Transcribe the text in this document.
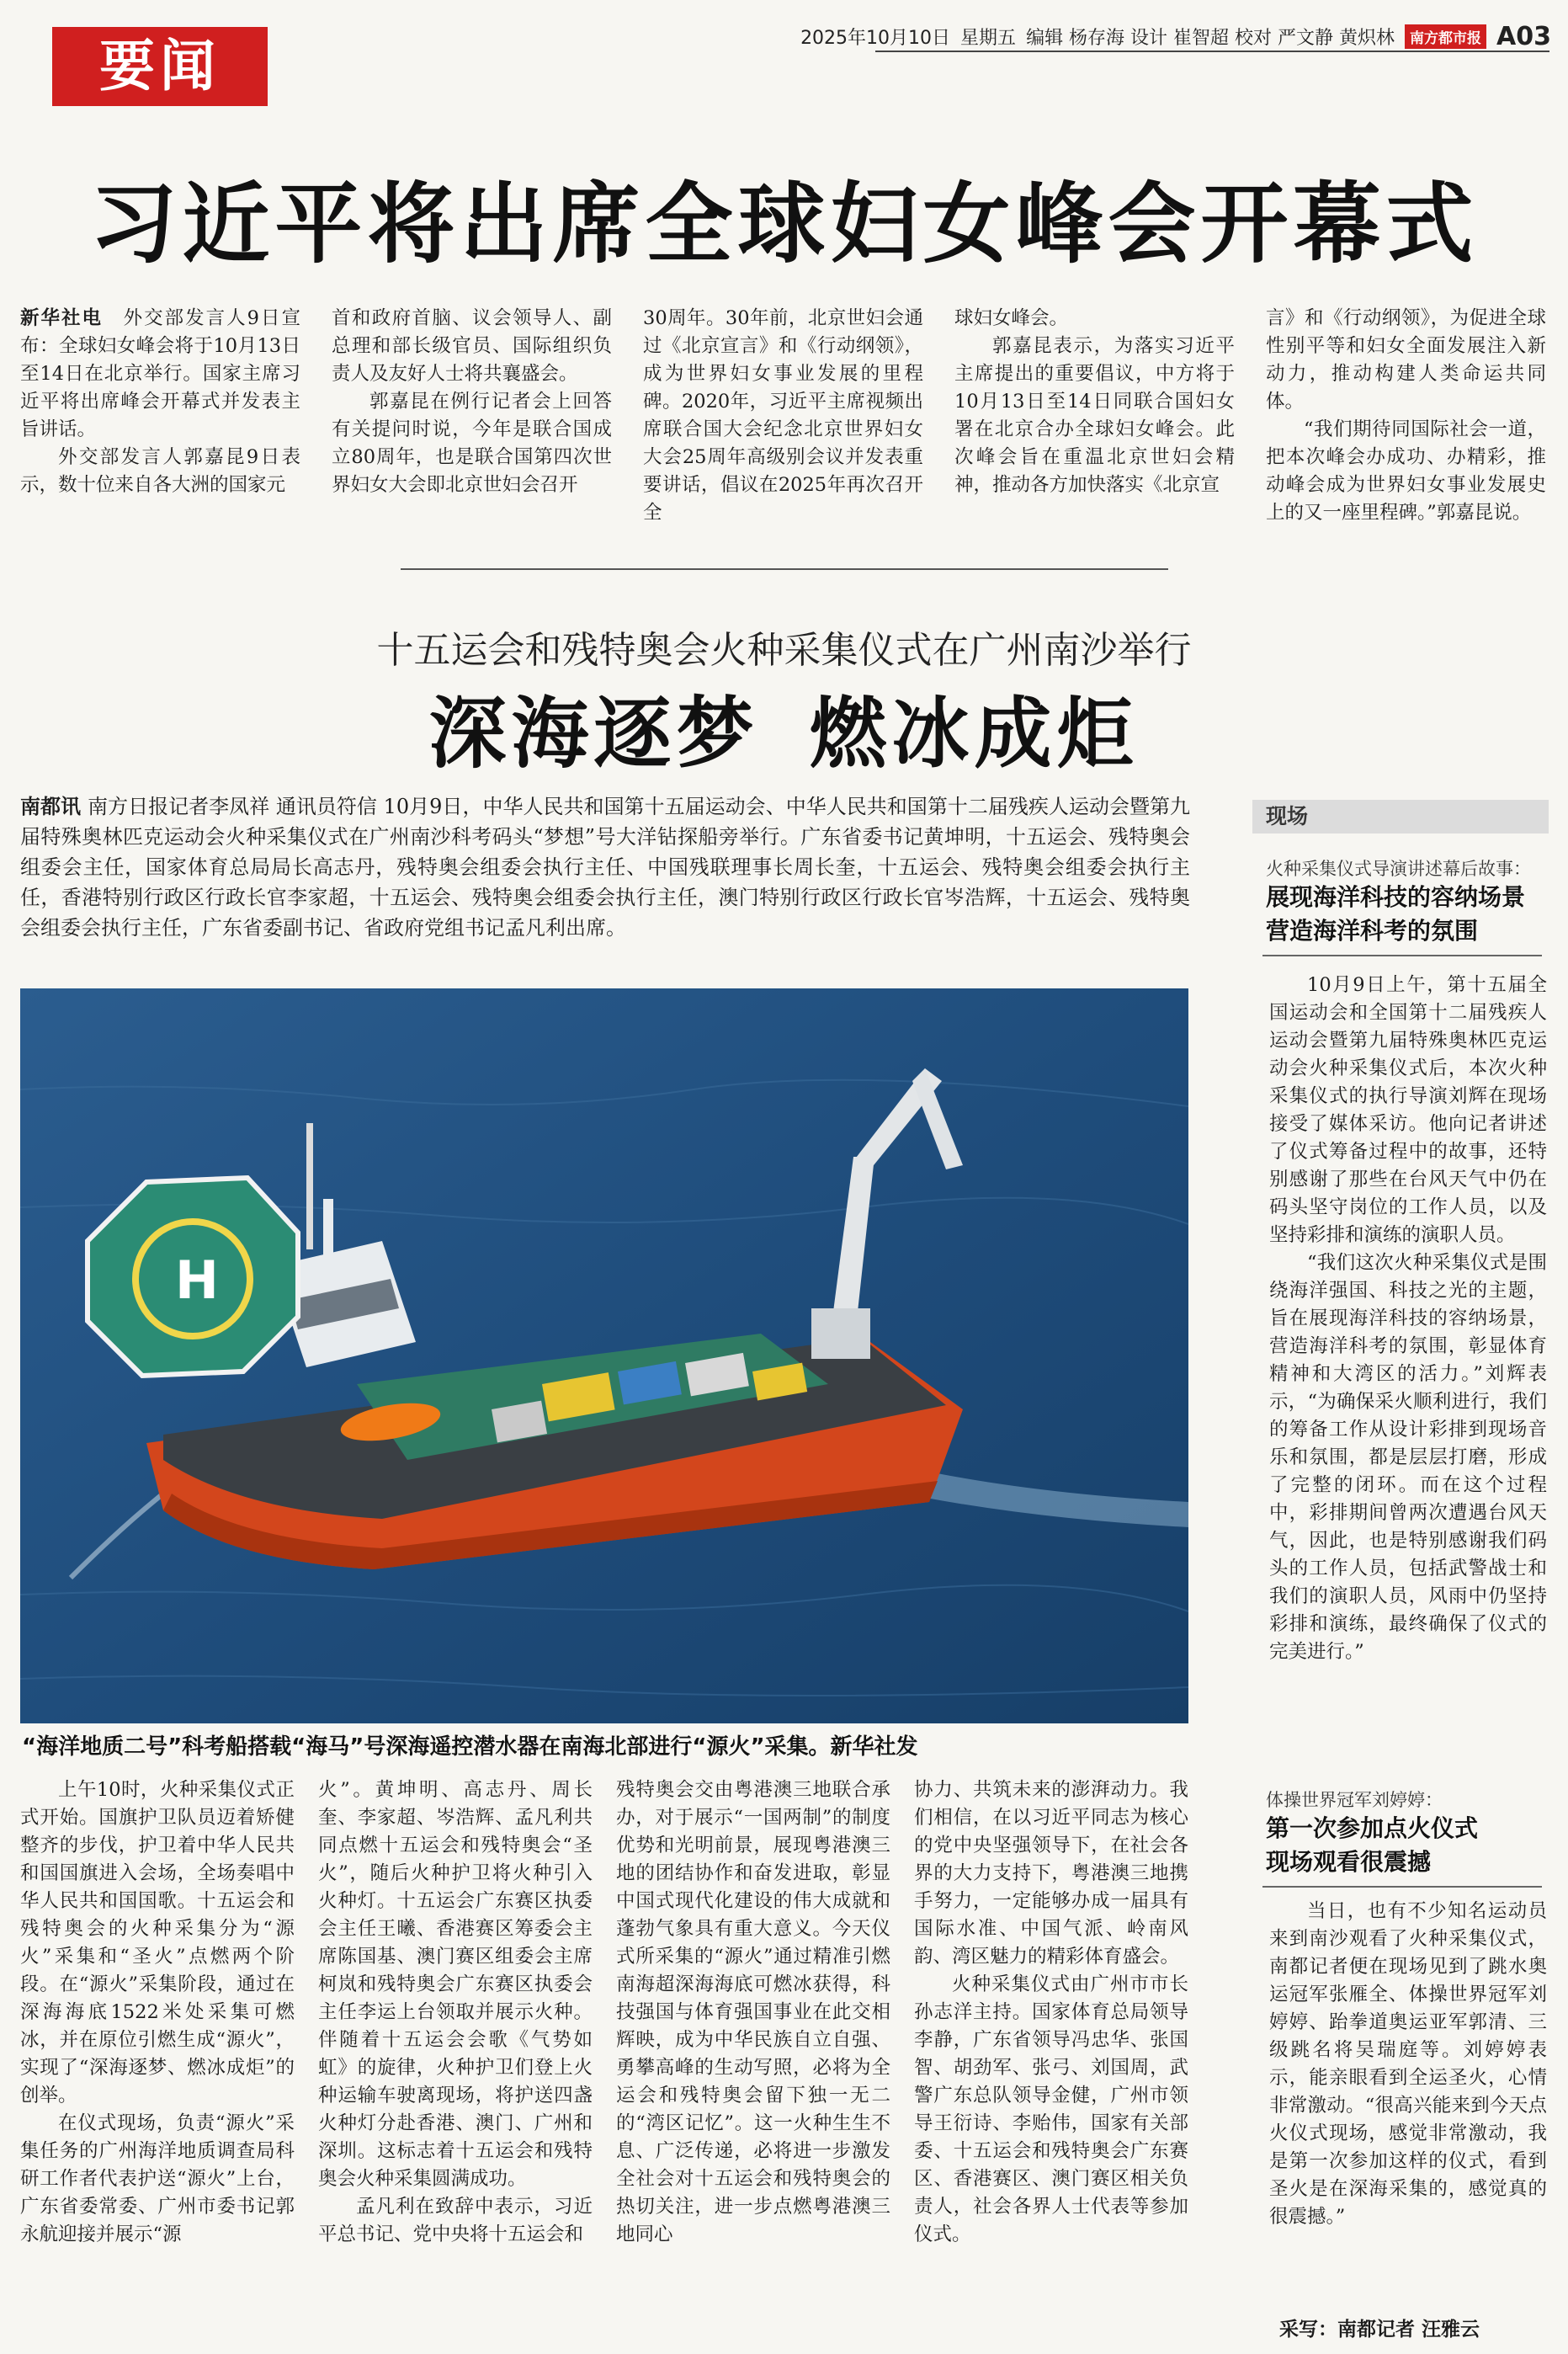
要闻	2025年10月10日 星期五 编辑 杨存海 设计 崔智超 校对 严文静 黄炽林	南方都市报 A03
习近平将出席全球妇女峰会开幕式

新华社电　 外交部发言人9日宣布：全球妇女峰会将于10月13日至14日在北京举行。国家主席习近平将出席峰会开幕式并发表主旨讲话。

外交部发言人郭嘉昆9日表示，数十位来自各大洲的国家元

首和政府首脑、议会领导人、副总理和部长级官员、国际组织负责人及友好人士将共襄盛会。

郭嘉昆在例行记者会上回答有关提问时说，今年是联合国成立80周年，也是联合国第四次世界妇女大会即北京世妇会召开

30周年。30年前，北京世妇会通过《北京宣言》和《行动纲领》，成为世界妇女事业发展的里程碑。2020年，习近平主席视频出席联合国大会纪念北京世界妇女大会25周年高级别会议并发表重要讲话，倡议在2025年再次召开全

球妇女峰会。

郭嘉昆表示，为落实习近平主席提出的重要倡议，中方将于10月13日至14日同联合国妇女署在北京合办全球妇女峰会。此次峰会旨在重温北京世妇会精神，推动各方加快落实《北京宣

言》和《行动纲领》，为促进全球性别平等和妇女全面发展注入新动力，推动构建人类命运共同体。

“我们期待同国际社会一道，把本次峰会办成功、办精彩，推动峰会成为世界妇女事业发展史上的又一座里程碑。”郭嘉昆说。

十五运会和残特奥会火种采集仪式在广州南沙举行
深海逐梦 燃冰成炬

南都讯 南方日报记者李凤祥 通讯员符信 10月9日，中华人民共和国第十五届运动会、中华人民共和国第十二届残疾人运动会暨第九届特殊奥林匹克运动会火种采集仪式在广州南沙科考码头“梦想”号大洋钻探船旁举行。广东省委书记黄坤明，十五运会、残特奥会组委会主任，国家体育总局局长高志丹，残特奥会组委会执行主任、中国残联理事长周长奎，十五运会、残特奥会组委会执行主任，香港特别行政区行政长官李家超，十五运会、残特奥会组委会执行主任，澳门特别行政区行政长官岑浩辉，十五运会、残特奥会组委会执行主任，广东省委副书记、省政府党组书记孟凡利出席。

H
“海洋地质二号”科考船搭载“海马”号深海遥控潜水器在南海北部进行“源火”采集。新华社发

上午10时，火种采集仪式正式开始。国旗护卫队员迈着矫健整齐的步伐，护卫着中华人民共和国国旗进入会场，全场奏唱中华人民共和国国歌。十五运会和残特奥会的火种采集分为“源火”采集和“圣火”点燃两个阶段。在“源火”采集阶段，通过在深海海底1522米处采集可燃冰，并在原位引燃生成“源火”，实现了“深海逐梦、燃冰成炬”的创举。

在仪式现场，负责“源火”采集任务的广州海洋地质调查局科研工作者代表护送“源火”上台，广东省委常委、广州市委书记郭永航迎接并展示“源

火”。黄坤明、高志丹、周长奎、李家超、岑浩辉、孟凡利共同点燃十五运会和残特奥会“圣火”，随后火种护卫将火种引入火种灯。十五运会广东赛区执委会主任王曦、香港赛区筹委会主席陈国基、澳门赛区组委会主席柯岚和残特奥会广东赛区执委会主任李运上台领取并展示火种。伴随着十五运会会歌《气势如虹》的旋律，火种护卫们登上火种运输车驶离现场，将护送四盏火种灯分赴香港、澳门、广州和深圳。这标志着十五运会和残特奥会火种采集圆满成功。

孟凡利在致辞中表示，习近平总书记、党中央将十五运会和

残特奥会交由粤港澳三地联合承办，对于展示“一国两制”的制度优势和光明前景，展现粤港澳三地的团结协作和奋发进取，彰显中国式现代化建设的伟大成就和蓬勃气象具有重大意义。今天仪式所采集的“源火”通过精准引燃南海超深海海底可燃冰获得，科技强国与体育强国事业在此交相辉映，成为中华民族自立自强、勇攀高峰的生动写照，必将为全运会和残特奥会留下独一无二的“湾区记忆”。这一火种生生不息、广泛传递，必将进一步激发全社会对十五运会和残特奥会的热切关注，进一步点燃粤港澳三地同心

协力、共筑未来的澎湃动力。我们相信，在以习近平同志为核心的党中央坚强领导下，在社会各界的大力支持下，粤港澳三地携手努力，一定能够办成一届具有国际水准、中国气派、岭南风韵、湾区魅力的精彩体育盛会。

火种采集仪式由广州市市长孙志洋主持。国家体育总局领导李静，广东省领导冯忠华、张国智、胡劲军、张弓、刘国周，武警广东总队领导金健，广州市领导王衍诗、李贻伟，国家有关部委、十五运会和残特奥会广东赛区、香港赛区、澳门赛区相关负责人，社会各界人士代表等参加仪式。

现场
火种采集仪式导演讲述幕后故事：
展现海洋科技的容纳场景
营造海洋科考的氛围

10月9日上午，第十五届全国运动会和全国第十二届残疾人运动会暨第九届特殊奥林匹克运动会火种采集仪式后，本次火种采集仪式的执行导演刘辉在现场接受了媒体采访。他向记者讲述了仪式筹备过程中的故事，还特别感谢了那些在台风天气中仍在码头坚守岗位的工作人员，以及坚持彩排和演练的演职人员。

“我们这次火种采集仪式是围绕海洋强国、科技之光的主题，旨在展现海洋科技的容纳场景，营造海洋科考的氛围，彰显体育精神和大湾区的活力。”刘辉表示，“为确保采火顺利进行，我们的筹备工作从设计彩排到现场音乐和氛围，都是层层打磨，形成了完整的闭环。而在这个过程中，彩排期间曾两次遭遇台风天气，因此，也是特别感谢我们码头的工作人员，包括武警战士和我们的演职人员，风雨中仍坚持彩排和演练，最终确保了仪式的完美进行。”

体操世界冠军刘婷婷：
第一次参加点火仪式
现场观看很震撼

当日，也有不少知名运动员来到南沙观看了火种采集仪式，南都记者便在现场见到了跳水奥运冠军张雁全、体操世界冠军刘婷婷、跆拳道奥运亚军郭清、三级跳名将吴瑞庭等。刘婷婷表示，能亲眼看到全运圣火，心情非常激动。“很高兴能来到今天点火仪式现场，感觉非常激动，我是第一次参加这样的仪式，看到圣火是在深海采集的，感觉真的很震撼。”

采写：南都记者 汪雅云
